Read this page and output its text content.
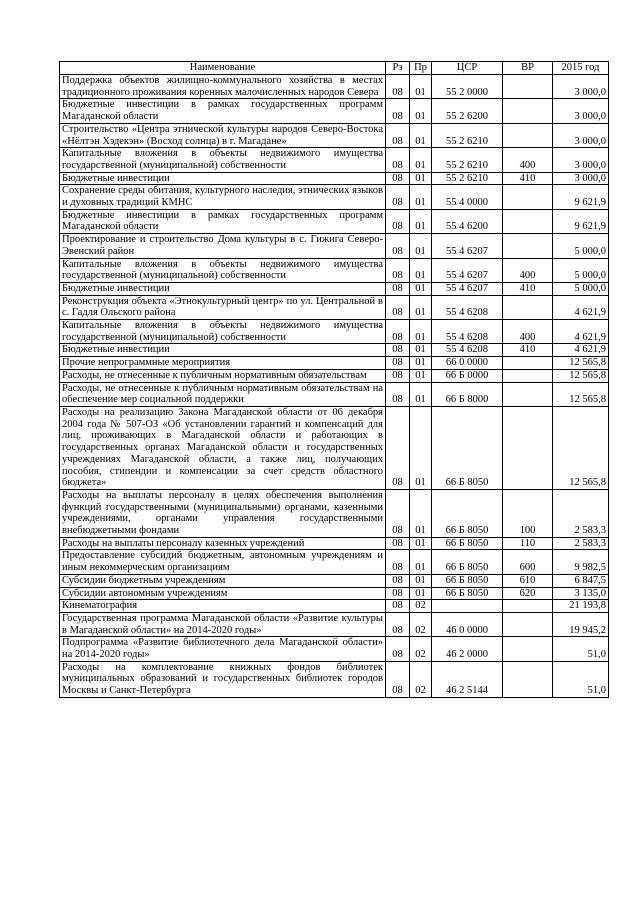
Наименование	Рз	Пр	ЦСР	ВР	2015 год
Поддержка объектов жилищно-коммунального хозяйства в местах традиционного проживания коренных малочисленных народов Севера	08	01	55 2 0000		3 000,0
Бюджетные инвестиции в рамках государственных программ Магаданской области	08	01	55 2 6200		3 000,0
Строительство «Центра этнической культуры народов Северо-Востока «Нёлтэн Хэдекэн» (Восход солнца) в г. Магадане»	08	01	55 2 6210		3 000,0
Капитальные вложения в объекты недвижимого имущества государственной (муниципальной) собственности	08	01	55 2 6210	400	3 000,0
Бюджетные инвестиции	08	01	55 2 6210	410	3 000,0
Сохранение среды обитания, культурного наследия, этнических языков и духовных традиций КМНС	08	01	55 4 0000		9 621,9
Бюджетные инвестиции в рамках государственных программ Магаданской области	08	01	55 4 6200		9 621,9
Проектирование и строительство Дома культуры в с. Гижига Северо-Эвенский район	08	01	55 4 6207		5 000,0
Капитальные вложения в объекты недвижимого имущества государственной (муниципальной) собственности	08	01	55 4 6207	400	5 000,0
Бюджетные инвестиции	08	01	55 4 6207	410	5 000,0
Реконструкция объекта «Этнокультурный центр» по ул. Центральной в с. Гадля Ольского района	08	01	55 4 6208		4 621,9
Капитальные вложения в объекты недвижимого имущества государственной (муниципальной) собственности	08	01	55 4 6208	400	4 621,9
Бюджетные инвестиции	08	01	55 4 6208	410	4 621,9
Прочие непрограммные мероприятия	08	01	66 0 0000		12 565,8
Расходы, не отнесенные к публичным нормативным обязательствам	08	01	66 Б 0000		12 565,8
Расходы, не отнесенные к публичным нормативным обязательствам на обеспечение мер социальной поддержки	08	01	66 Б 8000		12 565,8
Расходы на реализацию Закона Магаданской области от 06 декабря 2004 года № 507-ОЗ «Об установлении гарантий и компенсаций для лиц, проживающих в Магаданской области и работающих в государственных органах Магаданской области и государственных учреждениях Магаданской области, а также лиц, получающих пособия, стипендии и компенсации за счет средств областного бюджета»	08	01	66 Б 8050		12 565,8
Расходы на выплаты персоналу в целях обеспечения выполнения функций государственными (муниципальными) органами, казенными учреждениями, органами управления государственными внебюджетными фондами	08	01	66 Б 8050	100	2 583,3
Расходы на выплаты персоналу казенных учреждений	08	01	66 Б 8050	110	2 583,3
Предоставление субсидий бюджетным, автономным учреждениям и иным некоммерческим организациям	08	01	66 Б 8050	600	9 982,5
Субсидии бюджетным учреждениям	08	01	66 Б 8050	610	6 847,5
Субсидии автономным учреждениям	08	01	66 Б 8050	620	3 135,0
Кинематография	08	02			21 193,8
Государственная программа Магаданской области «Развитие культуры в Магаданской области» на 2014-2020 годы»	08	02	46 0 0000		19 945,2
Подпрограмма «Развитие библиотечного дела Магаданской области» на 2014-2020 годы»	08	02	46 2 0000		51,0
Расходы на комплектование книжных фондов библиотек муниципальных образований и государственных библиотек городов Москвы и Санкт-Петербурга	08	02	46 2 5144		51,0
